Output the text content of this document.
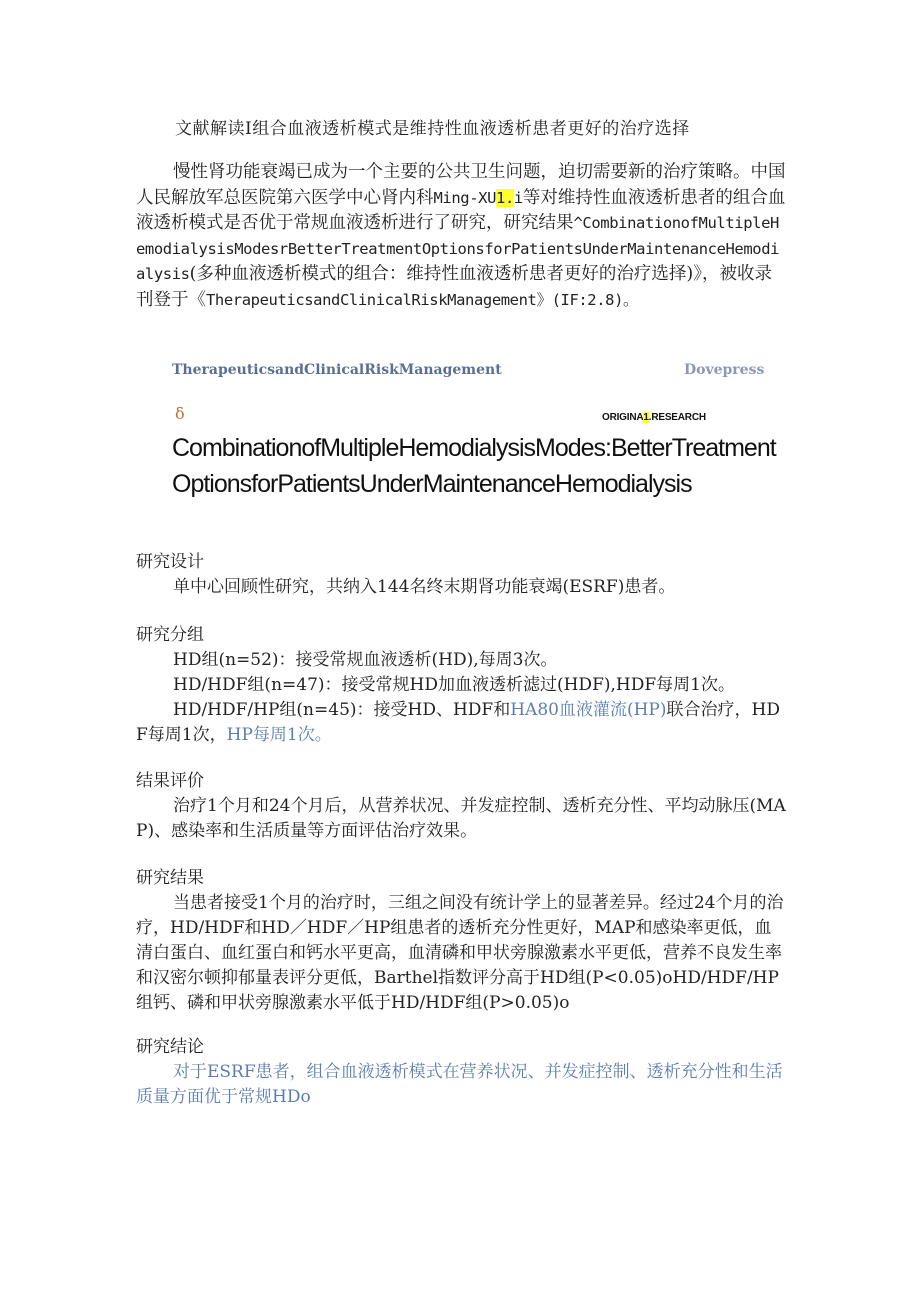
文献解读I组合血液透析模式是维持性血液透析患者更好的治疗选择

慢性肾功能衰竭已成为一个主要的公共卫生问题，迫切需要新的治疗策略。中国人民解放军总医院第六医学中心肾内科Ming-XU1.i等对维持性血液透析患者的组合血液透析模式是否优于常规血液透析进行了研究，研究结果^CombinationofMultipleHemodialysisModesrBetterTreatmentOptionsforPatientsUnderMaintenanceHemodialysis(多种血液透析模式的组合：维持性血液透析患者更好的治疗选择)》，被收录刊登于《TherapeuticsandClinicalRiskManagement》(IF:2.8)。

TherapeuticsandClinicalRiskManagement	Dovepress
δ	ORIGINA1.RESEARCH
CombinationofMultipleHemodialysisModes:BetterTreatmentOptionsforPatientsUnderMaintenanceHemodialysis

研究设计

单中心回顾性研究，共纳入144名终末期肾功能衰竭(ESRF)患者。

研究分组

HD组(n=52)：接受常规血液透析(HD),每周3次。

HD/HDF组(n=47)：接受常规HD加血液透析滤过(HDF),HDF每周1次。

HD/HDF/HP组(n=45)：接受HD、HDF和HA80血液灌流(HP)联合治疗，HDF每周1次，HP每周1次。

结果评价

治疗1个月和24个月后，从营养状况、并发症控制、透析充分性、平均动脉压(MAP)、感染率和生活质量等方面评估治疗效果。

研究结果

当患者接受1个月的治疗时，三组之间没有统计学上的显著差异。经过24个月的治疗，HD/HDF和HD／HDF／HP组患者的透析充分性更好，MAP和感染率更低，血清白蛋白、血红蛋白和钙水平更高，血清磷和甲状旁腺激素水平更低，营养不良发生率和汉密尔顿抑郁量表评分更低，Barthel指数评分高于HD组(P<0.05)oHD/HDF/HP组钙、磷和甲状旁腺激素水平低于HD/HDF组(P>0.05)o

研究结论

对于ESRF患者，组合血液透析模式在营养状况、并发症控制、透析充分性和生活质量方面优于常规HDo
